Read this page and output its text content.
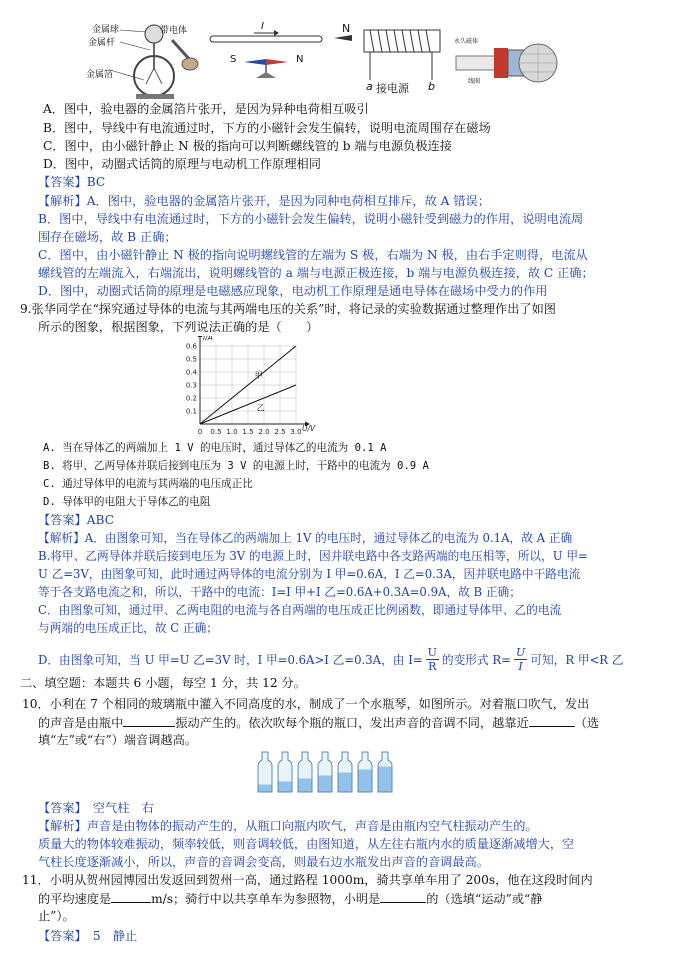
金属球
金属杆
金属箔
带电体	I
S	N
N
a 接电源 b
永久磁体
线圈
A．图中，验电器的金属箔片张开，是因为异种电荷相互吸引
B．图中，导线中有电流通过时，下方的小磁针会发生偏转，说明电流周围存在磁场
C．图中，由小磁针静止 N 极的指向可以判断螺线管的 b 端与电源负极连接
D．图中，动圈式话筒的原理与电动机工作原理相同
【答案】BC
【解析】A．图中，验电器的金属箔片张开，是因为同种电荷相互排斥，故 A 错误；
B．图中，导线中有电流通过时，下方的小磁针会发生偏转，说明小磁针受到磁力的作用，说明电流周
围存在磁场，故 B 正确；
C．图中，由小磁针静止 N 极的指向说明螺线管的左端为 S 极，右端为 N 极，由右手定则得，电流从
螺线管的左端流入，右端流出，说明螺线管的 a 端与电源正极连接，b 端与电源负极连接，故 C 正确；
D．图中，动圈式话筒的原理是电磁感应现象，电动机工作原理是通电导体在磁场中受力的作用
9.张华同学在“探究通过导体的电流与其两端电压的关系”时，将记录的实验数据通过整理作出了如图
所示的图象，根据图象，下列说法正确的是（　　）
0 0.5 1.0 1.5 2.0 2.5 3.0
0.1
0.2
0.3
0.4
0.5
0.6
I/A
U/V
甲
乙
A. 当在导体乙的两端加上 1 V 的电压时，通过导体乙的电流为 0.1 A
B. 将甲、乙两导体并联后接到电压为 3 V 的电源上时，干路中的电流为 0.9 A
C. 通过导体甲的电流与其两端的电压成正比
D. 导体甲的电阻大于导体乙的电阻
【答案】ABC
【解析】A．由图象可知，当在导体乙的两端加上 1V 的电压时，通过导体乙的电流为 0.1A，故 A 正确
B.将甲、乙两导体并联后接到电压为 3V 的电源上时，因并联电路中各支路两端的电压相等，所以，U 甲=
U 乙=3V，由图象可知，此时通过两导体的电流分别为 I 甲=0.6A，I 乙=0.3A，因并联电路中干路电流
等于各支路电流之和，所以，干路中的电流：I=I 甲+I 乙=0.6A+0.3A=0.9A，故 B 正确；
C．由图象可知，通过甲、乙两电阻的电流与各自两端的电压成正比例函数，即通过导体甲、乙的电流
与两端的电压成正比，故 C 正确；
D．由图象可知，当 U 甲=U 乙=3V 时，I 甲=0.6A>I 乙=0.3A，由 $I= \frac{U}{R}$ 的变形式 $R= \frac{U}{I}$ 可知，R 甲<R 乙
二、填空题：本题共 6 小题，每空 1 分，共 12 分。
10．小利在 7 个相同的玻璃瓶中灌入不同高度的水，制成了一个水瓶琴，如图所示。对着瓶口吹气，发出
的声音是由瓶中	振动产生的。依次吹每个瓶的瓶口，发出声音的音调不同，越靠近	（选
填“左”或“右”）端音调越高。
【答案】　空气柱　右
【解析】声音是由物体的振动产生的，从瓶口向瓶内吹气，声音是由瓶内空气柱振动产生的。
质量大的物体较难振动，频率较低，则音调较低，由图知道，从左往右瓶内水的质量逐渐减增大，空
气柱长度逐渐减小，所以，声音的音调会变高，则最右边水瓶发出声音的音调最高。
11．小明从贺州园博园出发返回到贺州一高，通过路程 1000m，骑共享单车用了 200s，他在这段时间内
的平均速度是	m/s；骑行中以共享单车为参照物，小明是	的（选填“运动”或“静
止”）。
【答案】　5　静止
